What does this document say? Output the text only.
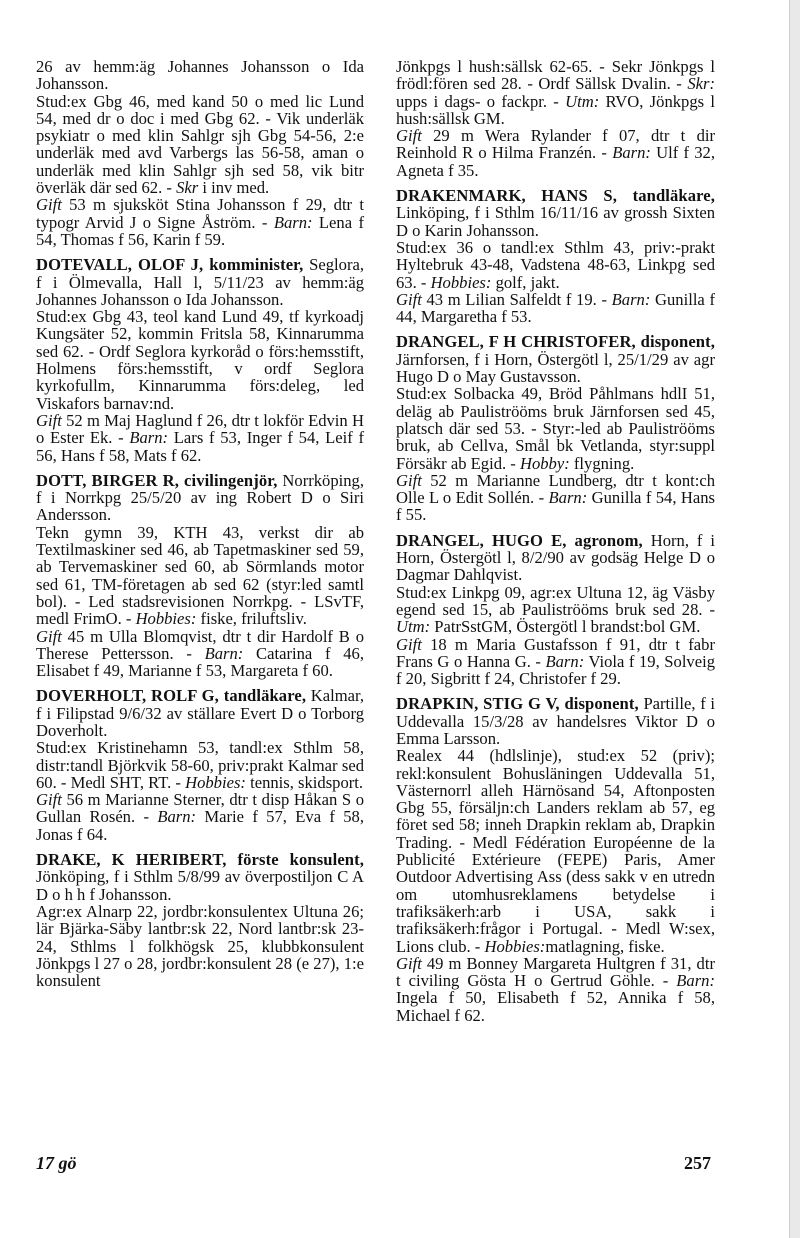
26 av hemm:äg Johannes Johansson o Ida Johansson.

Stud:ex Gbg 46, med kand 50 o med lic Lund 54, med dr o doc i med Gbg 62. - Vik underläk psykiatr o med klin Sahlgr sjh Gbg 54-56, 2:e underläk med avd Varbergs las 56-58, aman o underläk med klin Sahlgr sjh sed 58, vik bitr överläk där sed 62. - Skr i inv med.

Gift 53 m sjuksköt Stina Johansson f 29, dtr t typogr Arvid J o Signe Åström. - Barn: Lena f 54, Thomas f 56, Karin f 59.

DOTEVALL, OLOF J, komminister, Seglora, f i Ölmevalla, Hall l, 5/11/23 av hemm:äg Johannes Johansson o Ida Johansson.

Stud:ex Gbg 43, teol kand Lund 49, tf kyrkoadj Kungsäter 52, kommin Fritsla 58, Kinnarumma sed 62. - Ordf Seglora kyrkoråd o förs:hemsstift, Holmens förs:hemsstift, v ordf Seglora kyrkofullm, Kinnarumma förs:deleg, led Viskafors barnav:nd.

Gift 52 m Maj Haglund f 26, dtr t lokför Edvin H o Ester Ek. - Barn: Lars f 53, Inger f 54, Leif f 56, Hans f 58, Mats f 62.

DOTT, BIRGER R, civilingenjör, Norrköping, f i Norrkpg 25/5/20 av ing Robert D o Siri Andersson.

Tekn gymn 39, KTH 43, verkst dir ab Textilmaskiner sed 46, ab Tapetmaskiner sed 59, ab Tervemaskiner sed 60, ab Sörmlands motor sed 61, TM-företagen ab sed 62 (styr:led samtl bol). - Led stadsrevisionen Norrkpg. - LSvTF, medl FrimO. - Hobbies: fiske, friluftsliv.

Gift 45 m Ulla Blomqvist, dtr t dir Hardolf B o Therese Pettersson. - Barn: Catarina f 46, Elisabet f 49, Marianne f 53, Margareta f 60.

DOVERHOLT, ROLF G, tandläkare, Kalmar, f i Filipstad 9/6/32 av ställare Evert D o Torborg Doverholt.

Stud:ex Kristinehamn 53, tandl:ex Sthlm 58, distr:tandl Björkvik 58-60, priv:prakt Kalmar sed 60. - Medl SHT, RT. - Hobbies: tennis, skidsport.

Gift 56 m Marianne Sterner, dtr t disp Håkan S o Gullan Rosén. - Barn: Marie f 57, Eva f 58, Jonas f 64.

DRAKE, K HERIBERT, förste konsulent, Jönköping, f i Sthlm 5/8/99 av överpostiljon C A D o h h f Johansson.

Agr:ex Alnarp 22, jordbr:konsulentex Ultuna 26; lär Bjärka-Säby lantbr:sk 22, Nord lantbr:sk 23-24, Sthlms l folkhögsk 25, klubbkonsulent Jönkpgs l 27 o 28, jordbr:konsulent 28 (e 27), 1:e konsulent

Jönkpgs l hush:sällsk 62-65. - Sekr Jönkpgs l frödl:fören sed 28. - Ordf Sällsk Dvalin. - Skr: upps i dags- o fackpr. - Utm: RVO, Jönkpgs l hush:sällsk GM.

Gift 29 m Wera Rylander f 07, dtr t dir Reinhold R o Hilma Franzén. - Barn: Ulf f 32, Agneta f 35.

DRAKENMARK, HANS S, tandläkare, Linköping, f i Sthlm 16/11/16 av grossh Sixten D o Karin Johansson.

Stud:ex 36 o tandl:ex Sthlm 43, priv:-prakt Hyltebruk 43-48, Vadstena 48-63, Linkpg sed 63. - Hobbies: golf, jakt.

Gift 43 m Lilian Salfeldt f 19. - Barn: Gunilla f 44, Margaretha f 53.

DRANGEL, F H CHRISTOFER, disponent, Järnforsen, f i Horn, Östergötl l, 25/1/29 av agr Hugo D o May Gustavsson.

Stud:ex Solbacka 49, Bröd Påhlmans hdlI 51, deläg ab Pauliströöms bruk Järnforsen sed 45, platsch där sed 53. - Styr:-led ab Pauliströöms bruk, ab Cellva, Smål bk Vetlanda, styr:suppl Försäkr ab Egid. - Hobby: flygning.

Gift 52 m Marianne Lundberg, dtr t kont:ch Olle L o Edit Sollén. - Barn: Gunilla f 54, Hans f 55.

DRANGEL, HUGO E, agronom, Horn, f i Horn, Östergötl l, 8/2/90 av godsäg Helge D o Dagmar Dahlqvist.

Stud:ex Linkpg 09, agr:ex Ultuna 12, äg Väsby egend sed 15, ab Pauliströöms bruk sed 28. - Utm: PatrSstGM, Östergötl l brandst:bol GM.

Gift 18 m Maria Gustafsson f 91, dtr t fabr Frans G o Hanna G. - Barn: Viola f 19, Solveig f 20, Sigbritt f 24, Christofer f 29.

DRAPKIN, STIG G V, disponent, Partille, f i Uddevalla 15/3/28 av handelsres Viktor D o Emma Larsson.

Realex 44 (hdlslinje), stud:ex 52 (priv); rekl:konsulent Bohusläningen Uddevalla 51, Västernorrl alleh Härnösand 54, Aftonposten Gbg 55, försäljn:ch Landers reklam ab 57, eg föret sed 58; inneh Drapkin reklam ab, Drapkin Trading. - Medl Fédération Européenne de la Publicité Extérieure (FEPE) Paris, Amer Outdoor Advertising Ass (dess sakk v en utredn om utomhusreklamens betydelse i trafiksäkerh:arb i USA, sakk i trafiksäkerh:frågor i Portugal. - Medl W:sex, Lions club. - Hobbies:matlagning, fiske.

Gift 49 m Bonney Margareta Hultgren f 31, dtr t civiling Gösta H o Gertrud Göhle. - Barn: Ingela f 50, Elisabeth f 52, Annika f 58, Michael f 62.

17 gö	257
